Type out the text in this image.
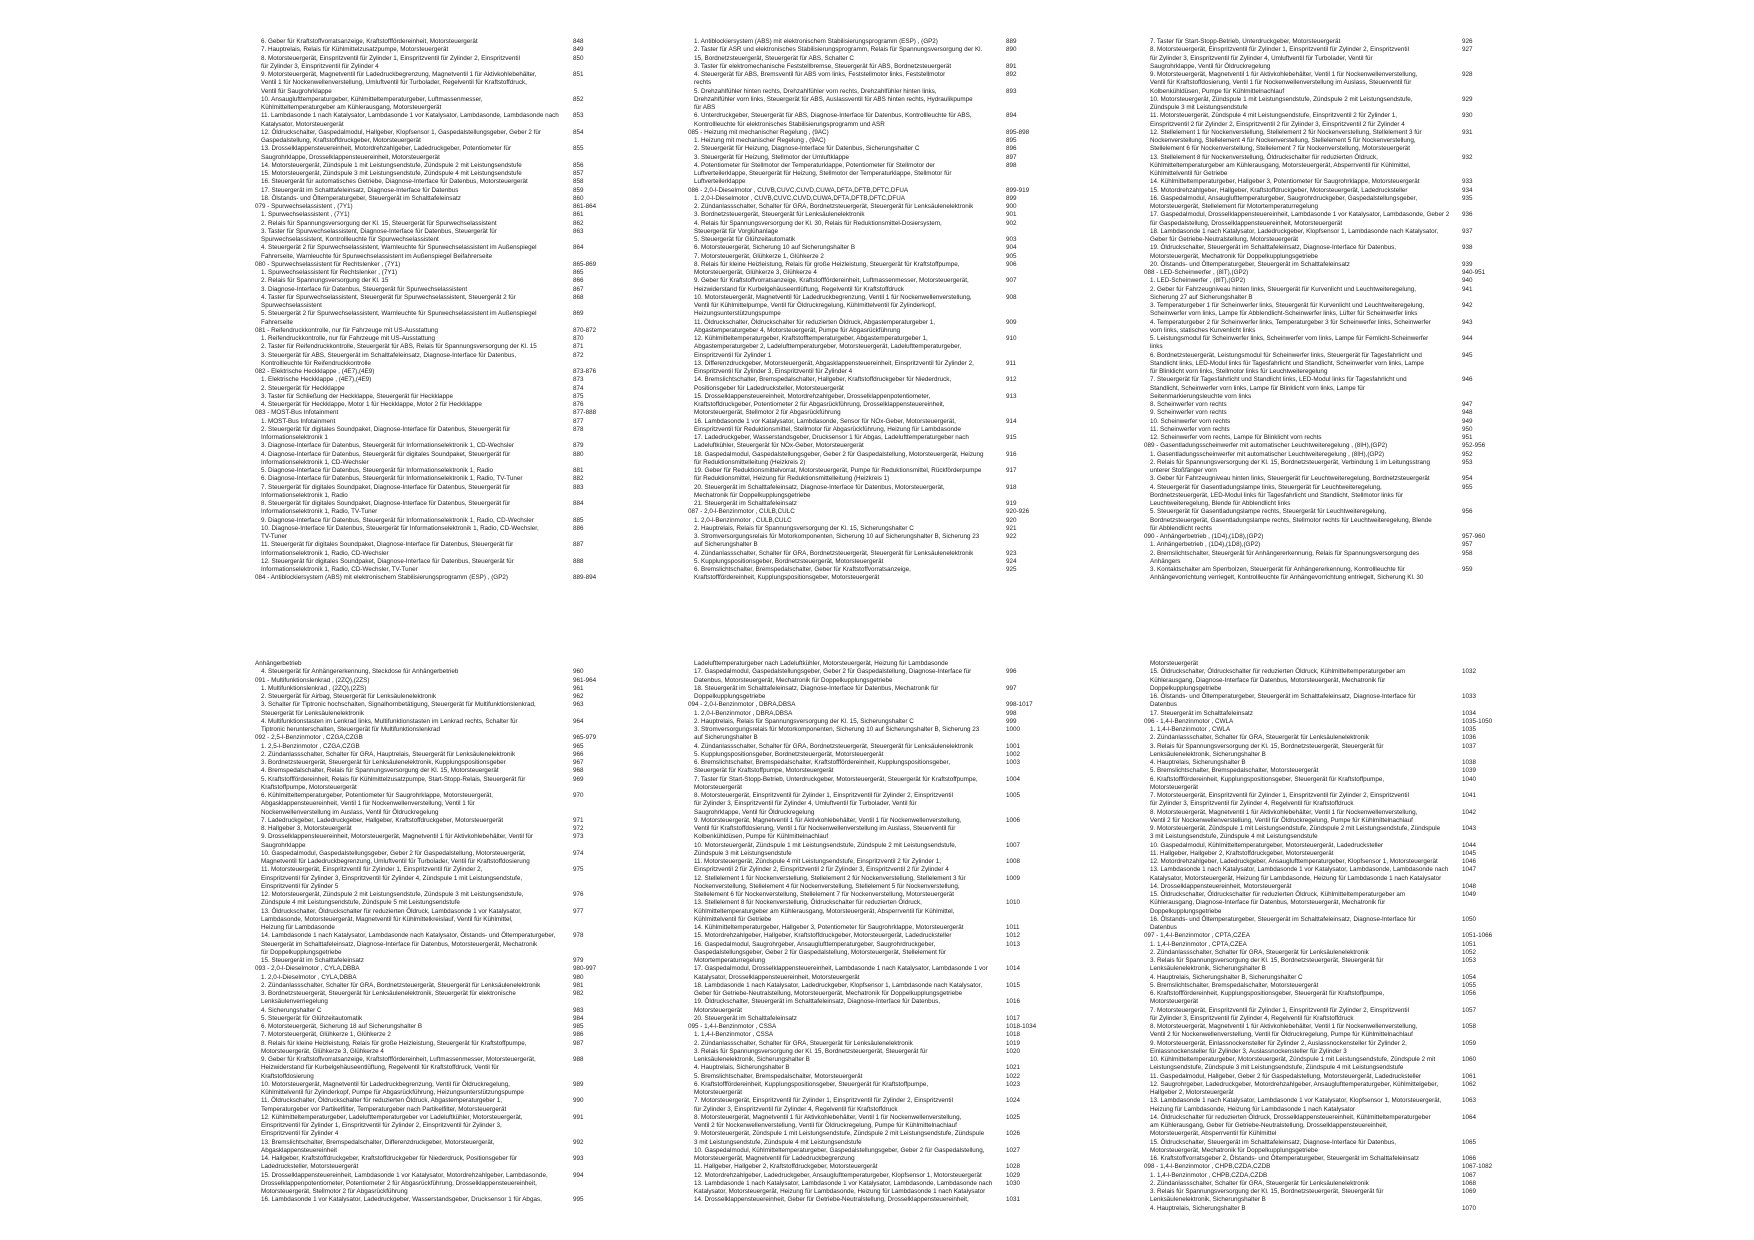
6. Geber für Kraftstoffvorratsanzeige, Kraftstofffördereinheit, Motorsteuergerät	848
7. Hauptrelais, Relais für Kühlmittelzusatzpumpe, Motorsteuergerät	849
8. Motorsteuergerät, Einspritzventil für Zylinder 1, Einspritzventil für Zylinder 2, Einspritzventil
für Zylinder 3, Einspritzventil für Zylinder 4
850
9. Motorsteuergerät, Magnetventil für Ladedruckbegrenzung, Magnetventil 1 für Aktivkohlebehälter,
Ventil 1 für Nockenwellenverstellung, Umluftventil für Turbolader, Regelventil für Kraftstoffdruck,
Ventil für Saugrohrklappe
851
10. Ansauglufttemperaturgeber, Kühlmitteltemperaturgeber, Luftmassenmesser,
Kühlmitteltemperaturgeber am Kühlerausgang, Motorsteuergerät
852
11. Lambdasonde 1 nach Katalysator, Lambdasonde 1 vor Katalysator, Lambdasonde, Lambdasonde nach
Katalysator, Motorsteuergerät
853
12. Öldruckschalter, Gaspedalmodul, Hallgeber, Klopfsensor 1, Gaspedalstellungsgeber, Geber 2 für
Gaspedalstellung, Kraftstoffdruckgeber, Motorsteuergerät
854
13. Drosselklappensteuereinheit, Motordrehzahlgeber, Ladedruckgeber, Potentiometer für
Saugrohrklappe, Drosselklappensteuereinheit, Motorsteuergerät
855
14. Motorsteuergerät, Zündspule 1 mit Leistungsendstufe, Zündspule 2 mit Leistungsendstufe	856
15. Motorsteuergerät, Zündspule 3 mit Leistungsendstufe, Zündspule 4 mit Leistungsendstufe	857
16. Steuergerät für automatisches Getriebe, Diagnose-Interface für Datenbus, Motorsteuergerät	858
17. Steuergerät im Schalttafeleinsatz, Diagnose-Interface für Datenbus	859
18. Ölstands- und Öltemperaturgeber, Steuergerät im Schalttafeleinsatz	860
079 - Spurwechselassistent , (7Y1)	861-864
1. Spurwechselassistent , (7Y1)	861
2. Relais für Spannungsversorgung der Kl. 15, Steuergerät für Spurwechselassistent	862
3. Taster für Spurwechselassistent, Diagnose-Interface für Datenbus, Steuergerät für
Spurwechselassistent, Kontrollleuchte für Spurwechselassistent
863
4. Steuergerät 2 für Spurwechselassistent, Warnleuchte für Spurwechselassistent im Außenspiegel
Fahrerseite, Warnleuchte für Spurwechselassistent im Außenspiegel Beifahrerseite
864
080 - Spurwechselassistent für Rechtslenker , (7Y1)	865-869
1. Spurwechselassistent für Rechtslenker , (7Y1)	865
2. Relais für Spannungsversorgung der Kl. 15	866
3. Diagnose-Interface für Datenbus, Steuergerät für Spurwechselassistent	867
4. Taster für Spurwechselassistent, Steuergerät für Spurwechselassistent, Steuergerät 2 für
Spurwechselassistent
868
5. Steuergerät 2 für Spurwechselassistent, Warnleuchte für Spurwechselassistent im Außenspiegel
Fahrerseite
869
081 - Reifendruckkontrolle, nur für Fahrzeuge mit US-Ausstattung	870-872
1. Reifendruckkontrolle, nur für Fahrzeuge mit US-Ausstattung	870
2. Taster für Reifendruckkontrolle, Steuergerät für ABS, Relais für Spannungsversorgung der Kl. 15	871
3. Steuergerät für ABS, Steuergerät im Schalttafeleinsatz, Diagnose-Interface für Datenbus,
Kontrollleuchte für Reifendruckkontrolle
872
082 - Elektrische Heckklappe , (4E7),(4E9)	873-876
1. Elektrische Heckklappe , (4E7),(4E9)	873
2. Steuergerät für Heckklappe	874
3. Taster für Schließung der Heckklappe, Steuergerät für Heckklappe	875
4. Steuergerät für Heckklappe, Motor 1 für Heckklappe, Motor 2 für Heckklappe	876
083 - MOST-Bus Infotainment	877-888
1. MOST-Bus Infotainment	877
2. Steuergerät für digitales Soundpaket, Diagnose-Interface für Datenbus, Steuergerät für
Informationselektronik 1
878
3. Diagnose-Interface für Datenbus, Steuergerät für Informationselektronik 1, CD-Wechsler	879
4. Diagnose-Interface für Datenbus, Steuergerät für digitales Soundpaket, Steuergerät für
Informationselektronik 1, CD-Wechsler
880
5. Diagnose-Interface für Datenbus, Steuergerät für Informationselektronik 1, Radio	881
6. Diagnose-Interface für Datenbus, Steuergerät für Informationselektronik 1, Radio, TV-Tuner	882
7. Steuergerät für digitales Soundpaket, Diagnose-Interface für Datenbus, Steuergerät für
Informationselektronik 1, Radio
883
8. Steuergerät für digitales Soundpaket, Diagnose-Interface für Datenbus, Steuergerät für
Informationselektronik 1, Radio, TV-Tuner
884
9. Diagnose-Interface für Datenbus, Steuergerät für Informationselektronik 1, Radio, CD-Wechsler	885
10. Diagnose-Interface für Datenbus, Steuergerät für Informationselektronik 1, Radio, CD-Wechsler,
TV-Tuner
886
11. Steuergerät für digitales Soundpaket, Diagnose-Interface für Datenbus, Steuergerät für
Informationselektronik 1, Radio, CD-Wechsler
887
12. Steuergerät für digitales Soundpaket, Diagnose-Interface für Datenbus, Steuergerät für
Informationselektronik 1, Radio, CD-Wechsler, TV-Tuner
888
084 - Antiblockiersystem (ABS) mit elektronischem Stabilisierungsprogramm (ESP) , (GP2)	889-894
1. Antiblockiersystem (ABS) mit elektronischem Stabilisierungsprogramm (ESP) , (GP2)	889
2. Taster für ASR und elektronisches Stabilisierungsprogramm, Relais für Spannungsversorgung der Kl.
15, Bordnetzsteuergerät, Steuergerät für ABS, Schalter C
890
3. Taster für elektromechanische Feststellbremse, Steuergerät für ABS, Bordnetzsteuergerät	891
4. Steuergerät für ABS, Bremsventil für ABS vorn links, Feststellmotor links, Feststellmotor
rechts
892
5. Drehzahlfühler hinten rechts, Drehzahlfühler vorn rechts, Drehzahlfühler hinten links,
Drehzahlfühler vorn links, Steuergerät für ABS, Auslassventil für ABS hinten rechts, Hydraulikpumpe
für ABS
893
6. Unterdruckgeber, Steuergerät für ABS, Diagnose-Interface für Datenbus, Kontrollleuchte für ABS,
Kontrollleuchte für elektronisches Stabilisierungsprogramm und ASR
894
085 - Heizung mit mechanischer Regelung , (9AC)	895-898
1. Heizung mit mechanischer Regelung , (9AC)	895
2. Steuergerät für Heizung, Diagnose-Interface für Datenbus, Sicherungshalter C	896
3. Steuergerät für Heizung, Stellmotor der Umluftklappe	897
4. Potentiometer für Stellmotor der Temperaturklappe, Potentiometer für Stellmotor der
Luftverteilerklappe, Steuergerät für Heizung, Stellmotor der Temperaturklappe, Stellmotor für
Luftverteilerklappe
898
086 - 2,0-l-Dieselmotor , CUVB,CUVC,CUVD,CUWA,DFTA,DFTB,DFTC,DFUA	899-919
1. 2,0-l-Dieselmotor , CUVB,CUVC,CUVD,CUWA,DFTA,DFTB,DFTC,DFUA	899
2. Zündanlassschalter, Schalter für GRA, Bordnetzsteuergerät, Steuergerät für Lenksäulenelektronik	900
3. Bordnetzsteuergerät, Steuergerät für Lenksäulenelektronik	901
4. Relais für Spannungsversorgung der Kl. 30, Relais für Reduktionsmittel-Dosiersystem,
Steuergerät für Vorglühanlage
902
5. Steuergerät für Glühzeitautomatik	903
6. Motorsteuergerät, Sicherung 10 auf Sicherungshalter B	904
7. Motorsteuergerät, Glühkerze 1, Glühkerze 2	905
8. Relais für kleine Heizleistung, Relais für große Heizleistung, Steuergerät für Kraftstoffpumpe,
Motorsteuergerät, Glühkerze 3, Glühkerze 4
906
9. Geber für Kraftstoffvorratsanzeige, Kraftstofffördereinheit, Luftmassenmesser, Motorsteuergerät,
Heizwiderstand für Kurbelgehäuseentlüftung, Regelventil für Kraftstoffdruck
907
10. Motorsteuergerät, Magnetventil für Ladedruckbegrenzung, Ventil 1 für Nockenwellenverstellung,
Ventil für Kühlmittelpumpe, Ventil für Öldruckregelung, Kühlmittelventil für Zylinderkopf,
Heizungsunterstützungspumpe
908
11. Öldruckschalter, Öldruckschalter für reduzierten Öldruck, Abgastemperaturgeber 1,
Abgastemperaturgeber 4, Motorsteuergerät, Pumpe für Abgasrückführung
909
12. Kühlmitteltemperaturgeber, Kraftstofftemperaturgeber, Abgastemperaturgeber 1,
Abgastemperaturgeber 2, Ladelufttemperaturgeber, Motorsteuergerät, Ladelufttemperaturgeber,
Einspritzventil für Zylinder 1
910
13. Differenzdruckgeber, Motorsteuergerät, Abgasklappensteuereinheit, Einspritzventil für Zylinder 2,
Einspritzventil für Zylinder 3, Einspritzventil für Zylinder 4
911
14. Bremslichtschalter, Bremspedalschalter, Hallgeber, Kraftstoffdruckgeber für Niederdruck,
Positionsgeber für Ladedrucksteller, Motorsteuergerät
912
15. Drosselklappensteuereinheit, Motordrehzahlgeber, Drosselklappenpotentiometer,
Kraftstoffdruckgeber, Potentiometer 2 für Abgasrückführung, Drosselklappensteuereinheit,
Motorsteuergerät, Stellmotor 2 für Abgasrückführung
913
16. Lambdasonde 1 vor Katalysator, Lambdasonde, Sensor für NOx-Geber, Motorsteuergerät,
Einspritzventil für Reduktionsmittel, Stellmotor für Abgasrückführung, Heizung für Lambdasonde
914
17. Ladedruckgeber, Wasserstandsgeber, Drucksensor 1 für Abgas, Ladelufttemperaturgeber nach
Ladeluftkühler, Steuergerät für NOx-Geber, Motorsteuergerät
915
18. Gaspedalmodul, Gaspedalstellungsgeber, Geber 2 für Gaspedalstellung, Motorsteuergerät, Heizung
für Reduktionsmittelleitung (Heizkreis 2)
916
19. Geber für Reduktionsmittelvorrat, Motorsteuergerät, Pumpe für Reduktionsmittel, Rückförderpumpe
für Reduktionsmittel, Heizung für Reduktionsmittelleitung (Heizkreis 1)
917
20. Steuergerät im Schalttafeleinsatz, Diagnose-Interface für Datenbus, Motorsteuergerät,
Mechatronik für Doppelkupplungsgetriebe
918
21. Steuergerät im Schalttafeleinsatz	919
087 - 2,0-l-Benzinmotor , CULB,CULC	920-926
1. 2,0-l-Benzinmotor , CULB,CULC	920
2. Hauptrelais, Relais für Spannungsversorgung der Kl. 15, Sicherungshalter C	921
3. Stromversorgungsrelais für Motorkomponenten, Sicherung 10 auf Sicherungshalter B, Sicherung 23
auf Sicherungshalter B
922
4. Zündanlassschalter, Schalter für GRA, Bordnetzsteuergerät, Steuergerät für Lenksäulenelektronik	923
5. Kupplungspositionsgeber, Bordnetzsteuergerät, Motorsteuergerät	924
6. Bremslichtschalter, Bremspedalschalter, Geber für Kraftstoffvorratsanzeige,
Kraftstofffördereinheit, Kupplungspositionsgeber, Motorsteuergerät
925
7. Taster für Start-Stopp-Betrieb, Unterdruckgeber, Motorsteuergerät	926
8. Motorsteuergerät, Einspritzventil für Zylinder 1, Einspritzventil für Zylinder 2, Einspritzventil
für Zylinder 3, Einspritzventil für Zylinder 4, Umluftventil für Turbolader, Ventil für
Saugrohrklappe, Ventil für Öldruckregelung
927
9. Motorsteuergerät, Magnetventil 1 für Aktivkohlebehälter, Ventil 1 für Nockenwellenverstellung,
Ventil für Kraftstoffdosierung, Ventil 1 für Nockenwellenverstellung im Auslass, Steuerventil für
Kolbenkühldüsen, Pumpe für Kühlmittelnachlauf
928
10. Motorsteuergerät, Zündspule 1 mit Leistungsendstufe, Zündspule 2 mit Leistungsendstufe,
Zündspule 3 mit Leistungsendstufe
929
11. Motorsteuergerät, Zündspule 4 mit Leistungsendstufe, Einspritzventil 2 für Zylinder 1,
Einspritzventil 2 für Zylinder 2, Einspritzventil 2 für Zylinder 3, Einspritzventil 2 für Zylinder 4
930
12. Stellelement 1 für Nockenverstellung, Stellelement 2 für Nockenverstellung, Stellelement 3 für
Nockenverstellung, Stellelement 4 für Nockenverstellung, Stellelement 5 für Nockenverstellung,
Stellelement 6 für Nockenverstellung, Stellelement 7 für Nockenverstellung, Motorsteuergerät
931
13. Stellelement 8 für Nockenverstellung, Öldruckschalter für reduzierten Öldruck,
Kühlmitteltemperaturgeber am Kühlerausgang, Motorsteuergerät, Absperrventil für Kühlmittel,
Kühlmittelventil für Getriebe
932
14. Kühlmitteltemperaturgeber, Hallgeber 3, Potentiometer für Saugrohrklappe, Motorsteuergerät	933
15. Motordrehzahlgeber, Hallgeber, Kraftstoffdruckgeber, Motorsteuergerät, Ladedrucksteller	934
16. Gaspedalmodul, Ansauglufttemperaturgeber, Saugrohrdruckgeber, Gaspedalstellungsgeber,
Motorsteuergerät, Stellelement für Motortemperaturregelung
935
17. Gaspedalmodul, Drosselklappensteuereinheit, Lambdasonde 1 vor Katalysator, Lambdasonde, Geber 2
für Gaspedalstellung, Drosselklappensteuereinheit, Motorsteuergerät
936
18. Lambdasonde 1 nach Katalysator, Ladedruckgeber, Klopfsensor 1, Lambdasonde nach Katalysator,
Geber für Getriebe-Neutralstellung, Motorsteuergerät
937
19. Öldruckschalter, Steuergerät im Schalttafeleinsatz, Diagnose-Interface für Datenbus,
Motorsteuergerät, Mechatronik für Doppelkupplungsgetriebe
938
20. Ölstands- und Öltemperaturgeber, Steuergerät im Schalttafeleinsatz	939
088 - LED-Scheinwerfer , (8IT),(GP2)	940-951
1. LED-Scheinwerfer , (8IT),(GP2)	940
2. Geber für Fahrzeugniveau hinten links, Steuergerät für Kurvenlicht und Leuchtweiteregelung,
Sicherung 27 auf Sicherungshalter B
941
3. Temperaturgeber 1 für Scheinwerfer links, Steuergerät für Kurvenlicht und Leuchtweiteregelung,
Scheinwerfer vorn links, Lampe für Abblendlicht-Scheinwerfer links, Lüfter für Scheinwerfer links
942
4. Temperaturgeber 2 für Scheinwerfer links, Temperaturgeber 3 für Scheinwerfer links, Scheinwerfer
vorn links, statisches Kurvenlicht links
943
5. Leistungsmodul für Scheinwerfer links, Scheinwerfer vorn links, Lampe für Fernlicht-Scheinwerfer
links
944
6. Bordnetzsteuergerät, Leistungsmodul für Scheinwerfer links, Steuergerät für Tagesfahrlicht und
Standlicht links, LED-Modul links für Tagesfahrlicht und Standlicht, Scheinwerfer vorn links, Lampe
für Blinklicht vorn links, Stellmotor links für Leuchtweiteregelung
945
7. Steuergerät für Tagesfahrlicht und Standlicht links, LED-Modul links für Tagesfahrlicht und
Standlicht, Scheinwerfer vorn links, Lampe für Blinklicht vorn links, Lampe für
Seitenmarkierungsleuchte vorn links
946
8. Scheinwerfer vorn rechts	947
9. Scheinwerfer vorn rechts	948
10. Scheinwerfer vorn rechts	949
11. Scheinwerfer vorn rechts	950
12. Scheinwerfer vorn rechts, Lampe für Blinklicht vorn rechts	951
089 - Gasentladungsscheinwerfer mit automatischer Leuchtweiteregelung , (8IH),(GP2)	952-956
1. Gasentladungsscheinwerfer mit automatischer Leuchtweiteregelung , (8IH),(GP2)	952
2. Relais für Spannungsversorgung der Kl. 15, Bordnetzsteuergerät, Verbindung 1 im Leitungsstrang
unterer Stoßfänger vorn
953
3. Geber für Fahrzeugniveau hinten links, Steuergerät für Leuchtweiteregelung, Bordnetzsteuergerät	954
4. Steuergerät für Gasentladungslampe links, Steuergerät für Leuchtweiteregelung,
Bordnetzsteuergerät, LED-Modul links für Tagesfahrlicht und Standlicht, Stellmotor links für
Leuchtweiteregelung, Blende für Abblendlicht links
955
5. Steuergerät für Gasentladungslampe rechts, Steuergerät für Leuchtweiteregelung,
Bordnetzsteuergerät, Gasentladungslampe rechts, Stellmotor rechts für Leuchtweiteregelung, Blende
für Abblendlicht rechts
956
090 - Anhängerbetrieb , (1D4),(1D8),(GP2)	957-960
1. Anhängerbetrieb , (1D4),(1D8),(GP2)	957
2. Bremslichtschalter, Steuergerät für Anhängererkennung, Relais für Spannungsversorgung des
Anhängers
958
3. Kontaktschalter am Sperrbolzen, Steuergerät für Anhängererkennung, Kontrollleuchte für
Anhängevorrichtung verriegelt, Kontrollleuchte für Anhängevorrichtung entriegelt, Sicherung Kl. 30
959
Anhängerbetrieb
4. Steuergerät für Anhängererkennung, Steckdose für Anhängerbetrieb	960
091 - Multifunktionslenkrad , (2ZQ),(2ZS)	961-964
1. Multifunktionslenkrad , (2ZQ),(2ZS)	961
2. Steuergerät für Airbag, Steuergerät für Lenksäulenelektronik	962
3. Schalter für Tiptronic hochschalten, Signalhornbetätigung, Steuergerät für Multifunktionslenkrad,
Steuergerät für Lenksäulenelektronik
963
4. Multifunktionstasten im Lenkrad links, Multifunktionstasten im Lenkrad rechts, Schalter für
Tiptronic herunterschalten, Steuergerät für Multifunktionslenkrad
964
092 - 2,5-l-Benzinmotor , CZGA,CZGB	965-979
1. 2,5-l-Benzinmotor , CZGA,CZGB	965
2. Zündanlassschalter, Schalter für GRA, Hauptrelais, Steuergerät für Lenksäulenelektronik	966
3. Bordnetzsteuergerät, Steuergerät für Lenksäulenelektronik, Kupplungspositionsgeber	967
4. Bremspedalschalter, Relais für Spannungsversorgung der Kl. 15, Motorsteuergerät	968
5. Kraftstofffördereinheit, Relais für Kühlmittelzusatzpumpe, Start-Stopp-Relais, Steuergerät für
Kraftstoffpumpe, Motorsteuergerät
969
6. Kühlmitteltemperaturgeber, Potentiometer für Saugrohrklappe, Motorsteuergerät,
Abgasklappensteuereinheit, Ventil 1 für Nockenwellenverstellung, Ventil 1 für
Nockenwellenverstellung im Auslass, Ventil für Öldruckregelung
970
7. Ladedruckgeber, Ladedruckgeber, Hallgeber, Kraftstoffdruckgeber, Motorsteuergerät	971
8. Hallgeber 3, Motorsteuergerät	972
9. Drosselklappensteuereinheit, Motorsteuergerät, Magnetventil 1 für Aktivkohlebehälter, Ventil für
Saugrohrklappe
973
10. Gaspedalmodul, Gaspedalstellungsgeber, Geber 2 für Gaspedalstellung, Motorsteuergerät,
Magnetventil für Ladedruckbegrenzung, Umluftventil für Turbolader, Ventil für Kraftstoffdosierung
974
11. Motorsteuergerät, Einspritzventil für Zylinder 1, Einspritzventil für Zylinder 2,
Einspritzventil für Zylinder 3, Einspritzventil für Zylinder 4, Zündspule 1 mit Leistungsendstufe,
Einspritzventil für Zylinder 5
975
12. Motorsteuergerät, Zündspule 2 mit Leistungsendstufe, Zündspule 3 mit Leistungsendstufe,
Zündspule 4 mit Leistungsendstufe, Zündspule 5 mit Leistungsendstufe
976
13. Öldruckschalter, Öldruckschalter für reduzierten Öldruck, Lambdasonde 1 vor Katalysator,
Lambdasonde, Motorsteuergerät, Magnetventil für Kühlmittelkreislauf, Ventil für Kühlmittel,
Heizung für Lambdasonde
977
14. Lambdasonde 1 nach Katalysator, Lambdasonde nach Katalysator, Ölstands- und Öltemperaturgeber,
Steuergerät im Schalttafeleinsatz, Diagnose-Interface für Datenbus, Motorsteuergerät, Mechatronik
für Doppelkupplungsgetriebe
978
15. Steuergerät im Schalttafeleinsatz	979
093 - 2,0-l-Dieselmotor , CYLA,DBBA	980-997
1. 2,0-l-Dieselmotor , CYLA,DBBA	980
2. Zündanlassschalter, Schalter für GRA, Bordnetzsteuergerät, Steuergerät für Lenksäulenelektronik	981
3. Bordnetzsteuergerät, Steuergerät für Lenksäulenelektronik, Steuergerät für elektronische
Lenksäulenverriegelung
982
4. Sicherungshalter C	983
5. Steuergerät für Glühzeitautomatik	984
6. Motorsteuergerät, Sicherung 18 auf Sicherungshalter B	985
7. Motorsteuergerät, Glühkerze 1, Glühkerze 2	986
8. Relais für kleine Heizleistung, Relais für große Heizleistung, Steuergerät für Kraftstoffpumpe,
Motorsteuergerät, Glühkerze 3, Glühkerze 4
987
9. Geber für Kraftstoffvorratsanzeige, Kraftstofffördereinheit, Luftmassenmesser, Motorsteuergerät,
Heizwiderstand für Kurbelgehäuseentlüftung, Regelventil für Kraftstoffdruck, Ventil für
Kraftstoffdosierung
988
10. Motorsteuergerät, Magnetventil für Ladedruckbegrenzung, Ventil für Öldruckregelung,
Kühlmittelventil für Zylinderkopf, Pumpe für Abgasrückführung, Heizungsunterstützungspumpe
989
11. Öldruckschalter, Öldruckschalter für reduzierten Öldruck, Abgastemperaturgeber 1,
Temperaturgeber vor Partikelfilter, Temperaturgeber nach Partikelfilter, Motorsteuergerät
990
12. Kühlmitteltemperaturgeber, Ladelufttemperaturgeber vor Ladeluftkühler, Motorsteuergerät,
Einspritzventil für Zylinder 1, Einspritzventil für Zylinder 2, Einspritzventil für Zylinder 3,
Einspritzventil für Zylinder 4
991
13. Bremslichtschalter, Bremspedalschalter, Differenzdruckgeber, Motorsteuergerät,
Abgasklappensteuereinheit
992
14. Hallgeber, Kraftstoffdruckgeber, Kraftstoffdruckgeber für Niederdruck, Positionsgeber für
Ladedrucksteller, Motorsteuergerät
993
15. Drosselklappensteuereinheit, Lambdasonde 1 vor Katalysator, Motordrehzahlgeber, Lambdasonde,
Drosselklappenpotentiometer, Potentiometer 2 für Abgasrückführung, Drosselklappensteuereinheit,
Motorsteuergerät, Stellmotor 2 für Abgasrückführung
994
16. Lambdasonde 1 vor Katalysator, Ladedruckgeber, Wasserstandsgeber, Drucksensor 1 für Abgas,	995
Ladelufttemperaturgeber nach Ladeluftkühler, Motorsteuergerät, Heizung für Lambdasonde
17. Gaspedalmodul, Gaspedalstellungsgeber, Geber 2 für Gaspedalstellung, Diagnose-Interface für
Datenbus, Motorsteuergerät, Mechatronik für Doppelkupplungsgetriebe
996
18. Steuergerät im Schalttafeleinsatz, Diagnose-Interface für Datenbus, Mechatronik für
Doppelkupplungsgetriebe
997
094 - 2,0-l-Benzinmotor , DBRA,DBSA	998-1017
1. 2,0-l-Benzinmotor , DBRA,DBSA	998
2. Hauptrelais, Relais für Spannungsversorgung der Kl. 15, Sicherungshalter C	999
3. Stromversorgungsrelais für Motorkomponenten, Sicherung 10 auf Sicherungshalter B, Sicherung 23
auf Sicherungshalter B
1000
4. Zündanlassschalter, Schalter für GRA, Bordnetzsteuergerät, Steuergerät für Lenksäulenelektronik	1001
5. Kupplungspositionsgeber, Bordnetzsteuergerät, Motorsteuergerät	1002
6. Bremslichtschalter, Bremspedalschalter, Kraftstofffördereinheit, Kupplungspositionsgeber,
Steuergerät für Kraftstoffpumpe, Motorsteuergerät
1003
7. Taster für Start-Stopp-Betrieb, Unterdruckgeber, Motorsteuergerät, Steuergerät für Kraftstoffpumpe,
Motorsteuergerät
1004
8. Motorsteuergerät, Einspritzventil für Zylinder 1, Einspritzventil für Zylinder 2, Einspritzventil
für Zylinder 3, Einspritzventil für Zylinder 4, Umluftventil für Turbolader, Ventil für
Saugrohrklappe, Ventil für Öldruckregelung
1005
9. Motorsteuergerät, Magnetventil 1 für Aktivkohlebehälter, Ventil 1 für Nockenwellenverstellung,
Ventil für Kraftstoffdosierung, Ventil 1 für Nockenwellenverstellung im Auslass, Steuerventil für
Kolbenkühldüsen, Pumpe für Kühlmittelnachlauf
1006
10. Motorsteuergerät, Zündspule 1 mit Leistungsendstufe, Zündspule 2 mit Leistungsendstufe,
Zündspule 3 mit Leistungsendstufe
1007
11. Motorsteuergerät, Zündspule 4 mit Leistungsendstufe, Einspritzventil 2 für Zylinder 1,
Einspritzventil 2 für Zylinder 2, Einspritzventil 2 für Zylinder 3, Einspritzventil 2 für Zylinder 4
1008
12. Stellelement 1 für Nockenverstellung, Stellelement 2 für Nockenverstellung, Stellelement 3 für
Nockenverstellung, Stellelement 4 für Nockenverstellung, Stellelement 5 für Nockenverstellung,
Stellelement 6 für Nockenverstellung, Stellelement 7 für Nockenverstellung, Motorsteuergerät
1009
13. Stellelement 8 für Nockenverstellung, Öldruckschalter für reduzierten Öldruck,
Kühlmitteltemperaturgeber am Kühlerausgang, Motorsteuergerät, Absperrventil für Kühlmittel,
Kühlmittelventil für Getriebe
1010
14. Kühlmitteltemperaturgeber, Hallgeber 3, Potentiometer für Saugrohrklappe, Motorsteuergerät	1011
15. Motordrehzahlgeber, Hallgeber, Kraftstoffdruckgeber, Motorsteuergerät, Ladedrucksteller	1012
16. Gaspedalmodul, Saugrohrgeber, Ansauglufttemperaturgeber, Saugrohrdruckgeber,
Gaspedalstellungsgeber, Geber 2 für Gaspedalstellung, Motorsteuergerät, Stellelement für
Motortemperaturregelung
1013
17. Gaspedalmodul, Drosselklappensteuereinheit, Lambdasonde 1 nach Katalysator, Lambdasonde 1 vor
Katalysator, Drosselklappensteuereinheit, Motorsteuergerät
1014
18. Lambdasonde 1 nach Katalysator, Ladedruckgeber, Klopfsensor 1, Lambdasonde nach Katalysator,
Geber für Getriebe-Neutralstellung, Motorsteuergerät, Mechatronik für Doppelkupplungsgetriebe
1015
19. Öldruckschalter, Steuergerät im Schalttafeleinsatz, Diagnose-Interface für Datenbus,
Motorsteuergerät
1016
20. Steuergerät im Schalttafeleinsatz	1017
095 - 1,4-l-Benzinmotor , CSSA	1018-1034
1. 1,4-l-Benzinmotor , CSSA	1018
2. Zündanlassschalter, Schalter für GRA, Steuergerät für Lenksäulenelektronik	1019
3. Relais für Spannungsversorgung der Kl. 15, Bordnetzsteuergerät, Steuergerät für
Lenksäulenelektronik, Sicherungshalter B
1020
4. Hauptrelais, Sicherungshalter B	1021
5. Bremslichtschalter, Bremspedalschalter, Motorsteuergerät	1022
6. Kraftstofffördereinheit, Kupplungspositionsgeber, Steuergerät für Kraftstoffpumpe,
Motorsteuergerät
1023
7. Motorsteuergerät, Einspritzventil für Zylinder 1, Einspritzventil für Zylinder 2, Einspritzventil
für Zylinder 3, Einspritzventil für Zylinder 4, Regelventil für Kraftstoffdruck
1024
8. Motorsteuergerät, Magnetventil 1 für Aktivkohlebehälter, Ventil 1 für Nockenwellenverstellung,
Ventil 2 für Nockenwellenverstellung, Ventil für Öldruckregelung, Pumpe für Kühlmittelnachlauf
1025
9. Motorsteuergerät, Zündspule 1 mit Leistungsendstufe, Zündspule 2 mit Leistungsendstufe, Zündspule
3 mit Leistungsendstufe, Zündspule 4 mit Leistungsendstufe
1026
10. Gaspedalmodul, Kühlmitteltemperaturgeber, Gaspedalstellungsgeber, Geber 2 für Gaspedalstellung,
Motorsteuergerät, Magnetventil für Ladedruckbegrenzung
1027
11. Hallgeber, Hallgeber 2, Kraftstoffdruckgeber, Motorsteuergerät	1028
12. Motordrehzahlgeber, Ladedruckgeber, Ansauglufttemperaturgeber, Klopfsensor 1, Motorsteuergerät	1029
13. Lambdasonde 1 nach Katalysator, Lambdasonde 1 vor Katalysator, Lambdasonde, Lambdasonde nach
Katalysator, Motorsteuergerät, Heizung für Lambdasonde, Heizung für Lambdasonde 1 nach Katalysator
1030
14. Drosselklappensteuereinheit, Geber für Getriebe-Neutralstellung, Drosselklappensteuereinheit,	1031
Motorsteuergerät
15. Öldruckschalter, Öldruckschalter für reduzierten Öldruck, Kühlmitteltemperaturgeber am
Kühlerausgang, Diagnose-Interface für Datenbus, Motorsteuergerät, Mechatronik für
Doppelkupplungsgetriebe
1032
16. Ölstands- und Öltemperaturgeber, Steuergerät im Schalttafeleinsatz, Diagnose-Interface für
Datenbus
1033
17. Steuergerät im Schalttafeleinsatz	1034
096 - 1,4-l-Benzinmotor , CWLA	1035-1050
1. 1,4-l-Benzinmotor , CWLA	1035
2. Zündanlassschalter, Schalter für GRA, Steuergerät für Lenksäulenelektronik	1036
3. Relais für Spannungsversorgung der Kl. 15, Bordnetzsteuergerät, Steuergerät für
Lenksäulenelektronik, Sicherungshalter B
1037
4. Hauptrelais, Sicherungshalter B	1038
5. Bremslichtschalter, Bremspedalschalter, Motorsteuergerät	1039
6. Kraftstofffördereinheit, Kupplungspositionsgeber, Steuergerät für Kraftstoffpumpe,
Motorsteuergerät
1040
7. Motorsteuergerät, Einspritzventil für Zylinder 1, Einspritzventil für Zylinder 2, Einspritzventil
für Zylinder 3, Einspritzventil für Zylinder 4, Regelventil für Kraftstoffdruck
1041
8. Motorsteuergerät, Magnetventil 1 für Aktivkohlebehälter, Ventil 1 für Nockenwellenverstellung,
Ventil 2 für Nockenwellenverstellung, Ventil für Öldruckregelung, Pumpe für Kühlmittelnachlauf
1042
9. Motorsteuergerät, Zündspule 1 mit Leistungsendstufe, Zündspule 2 mit Leistungsendstufe, Zündspule
3 mit Leistungsendstufe, Zündspule 4 mit Leistungsendstufe
1043
10. Gaspedalmodul, Kühlmitteltemperaturgeber, Motorsteuergerät, Ladedrucksteller	1044
11. Hallgeber, Hallgeber 2, Kraftstoffdruckgeber, Motorsteuergerät	1045
12. Motordrehzahlgeber, Ladedruckgeber, Ansauglufttemperaturgeber, Klopfsensor 1, Motorsteuergerät	1046
13. Lambdasonde 1 nach Katalysator, Lambdasonde 1 vor Katalysator, Lambdasonde, Lambdasonde nach
Katalysator, Motorsteuergerät, Heizung für Lambdasonde, Heizung für Lambdasonde 1 nach Katalysator
1047
14. Drosselklappensteuereinheit, Motorsteuergerät	1048
15. Öldruckschalter, Öldruckschalter für reduzierten Öldruck, Kühlmitteltemperaturgeber am
Kühlerausgang, Diagnose-Interface für Datenbus, Motorsteuergerät, Mechatronik für
Doppelkupplungsgetriebe
1049
16. Ölstands- und Öltemperaturgeber, Steuergerät im Schalttafeleinsatz, Diagnose-Interface für
Datenbus
1050
097 - 1,4-l-Benzinmotor , CPTA,CZEA	1051-1066
1. 1,4-l-Benzinmotor , CPTA,CZEA	1051
2. Zündanlassschalter, Schalter für GRA, Steuergerät für Lenksäulenelektronik	1052
3. Relais für Spannungsversorgung der Kl. 15, Bordnetzsteuergerät, Steuergerät für
Lenksäulenelektronik, Sicherungshalter B
1053
4. Hauptrelais, Sicherungshalter B, Sicherungshalter C	1054
5. Bremslichtschalter, Bremspedalschalter, Motorsteuergerät	1055
6. Kraftstofffördereinheit, Kupplungspositionsgeber, Steuergerät für Kraftstoffpumpe,
Motorsteuergerät
1056
7. Motorsteuergerät, Einspritzventil für Zylinder 1, Einspritzventil für Zylinder 2, Einspritzventil
für Zylinder 3, Einspritzventil für Zylinder 4, Regelventil für Kraftstoffdruck
1057
8. Motorsteuergerät, Magnetventil 1 für Aktivkohlebehälter, Ventil 1 für Nockenwellenverstellung,
Ventil 2 für Nockenwellenverstellung, Ventil für Öldruckregelung, Pumpe für Kühlmittelnachlauf
1058
9. Motorsteuergerät, Einlassnockensteller für Zylinder 2, Auslassnockensteller für Zylinder 2,
Einlassnockensteller für Zylinder 3, Auslassnockensteller für Zylinder 3
1059
10. Kühlmitteltemperaturgeber, Motorsteuergerät, Zündspule 1 mit Leistungsendstufe, Zündspule 2 mit
Leistungsendstufe, Zündspule 3 mit Leistungsendstufe, Zündspule 4 mit Leistungsendstufe
1060
11. Gaspedalmodul, Hallgeber, Geber 2 für Gaspedalstellung, Motorsteuergerät, Ladedrucksteller	1061
12. Saugrohrgeber, Ladedruckgeber, Motordrehzahlgeber, Ansauglufttemperaturgeber, Kühlmittelgeber,
Hallgeber 2, Motorsteuergerät
1062
13. Lambdasonde 1 nach Katalysator, Lambdasonde 1 vor Katalysator, Klopfsensor 1, Motorsteuergerät,
Heizung für Lambdasonde, Heizung für Lambdasonde 1 nach Katalysator
1063
14. Öldruckschalter für reduzierten Öldruck, Drosselklappensteuereinheit, Kühlmitteltemperaturgeber
am Kühlerausgang, Geber für Getriebe-Neutralstellung, Drosselklappensteuereinheit,
Motorsteuergerät, Absperrventil für Kühlmittel
1064
15. Öldruckschalter, Steuergerät im Schalttafeleinsatz, Diagnose-Interface für Datenbus,
Motorsteuergerät, Mechatronik für Doppelkupplungsgetriebe
1065
16. Kraftstoffvorratsgeber 2, Ölstands- und Öltemperaturgeber, Steuergerät im Schalttafeleinsatz	1066
098 - 1,4-l-Benzinmotor , CHPB,CZDA,CZDB	1067-1082
1. 1,4-l-Benzinmotor , CHPB,CZDA,CZDB	1067
2. Zündanlassschalter, Schalter für GRA, Steuergerät für Lenksäulenelektronik	1068
3. Relais für Spannungsversorgung der Kl. 15, Bordnetzsteuergerät, Steuergerät für
Lenksäulenelektronik, Sicherungshalter B
1069
4. Hauptrelais, Sicherungshalter B	1070
